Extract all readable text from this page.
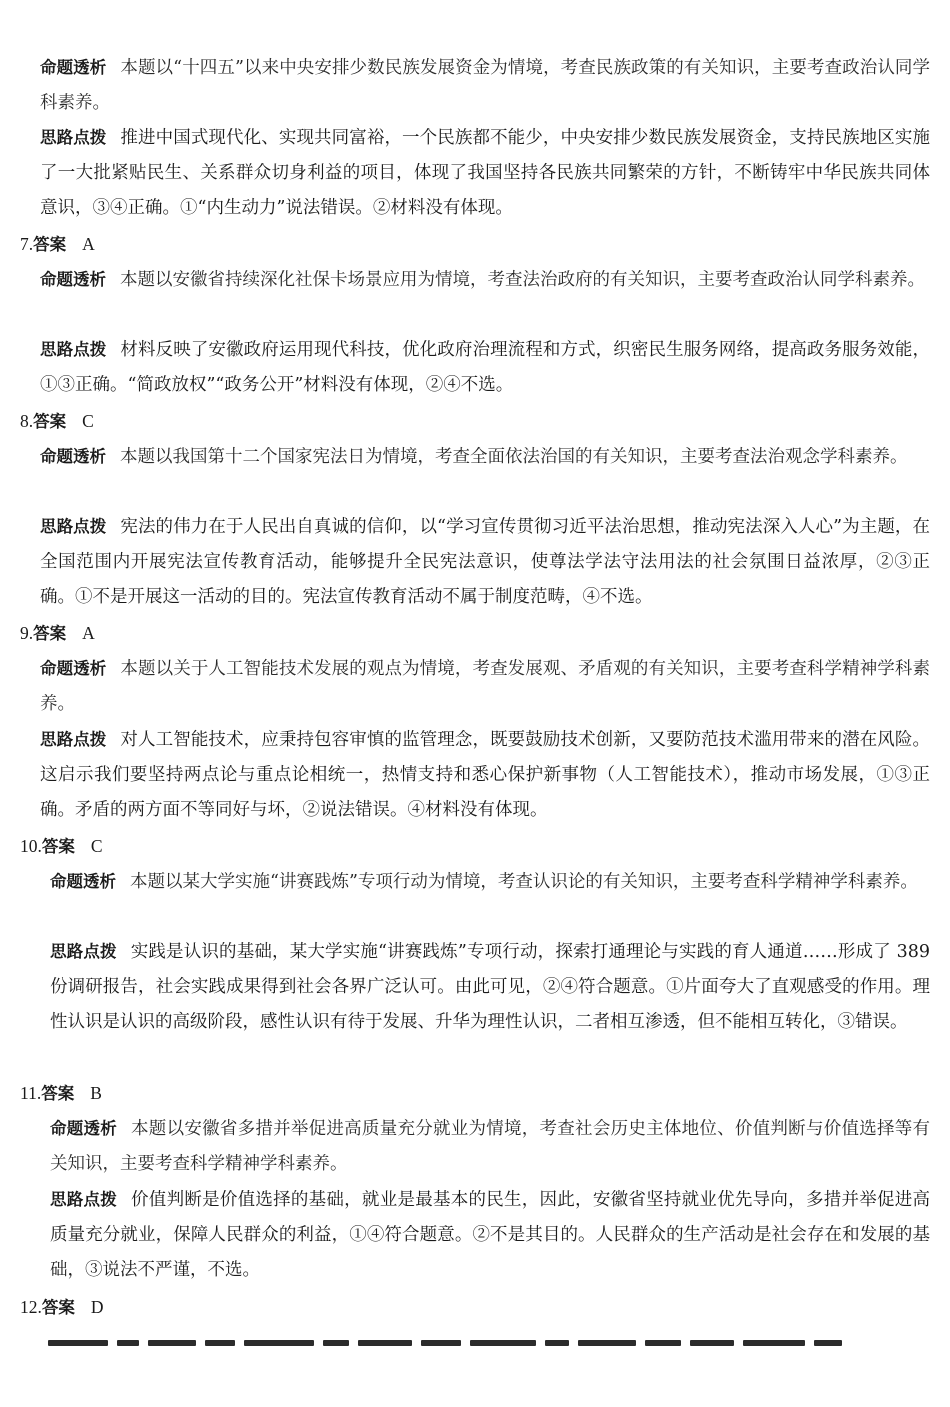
命题透析 本题以“十四五”以来中央安排少数民族发展资金为情境，考查民族政策的有关知识，主要考查政治认同学科素养。
思路点拨 推进中国式现代化、实现共同富裕，一个民族都不能少，中央安排少数民族发展资金，支持民族地区实施了一大批紧贴民生、关系群众切身利益的项目，体现了我国坚持各民族共同繁荣的方针，不断铸牢中华民族共同体意识，③④正确。①“内生动力”说法错误。②材料没有体现。
7.答案 A
命题透析 本题以安徽省持续深化社保卡场景应用为情境，考查法治政府的有关知识，主要考查政治认同学科素养。
思路点拨 材料反映了安徽政府运用现代科技，优化政府治理流程和方式，织密民生服务网络，提高政务服务效能，①③正确。“简政放权”“政务公开”材料没有体现，②④不选。
8.答案 C
命题透析 本题以我国第十二个国家宪法日为情境，考查全面依法治国的有关知识，主要考查法治观念学科素养。
思路点拨 宪法的伟力在于人民出自真诚的信仰，以“学习宣传贯彻习近平法治思想，推动宪法深入人心”为主题，在全国范围内开展宪法宣传教育活动，能够提升全民宪法意识，使尊法学法守法用法的社会氛围日益浓厚，②③正确。①不是开展这一活动的目的。宪法宣传教育活动不属于制度范畴，④不选。
9.答案 A
命题透析 本题以关于人工智能技术发展的观点为情境，考查发展观、矛盾观的有关知识，主要考查科学精神学科素养。
思路点拨 对人工智能技术，应秉持包容审慎的监管理念，既要鼓励技术创新，又要防范技术滥用带来的潜在风险。这启示我们要坚持两点论与重点论相统一，热情支持和悉心保护新事物（人工智能技术），推动市场发展，①③正确。矛盾的两方面不等同好与坏，②说法错误。④材料没有体现。
10.答案 C
命题透析 本题以某大学实施“讲赛践炼”专项行动为情境，考查认识论的有关知识，主要考查科学精神学科素养。
思路点拨 实践是认识的基础，某大学实施“讲赛践炼”专项行动，探索打通理论与实践的育人通道……形成了 389 份调研报告，社会实践成果得到社会各界广泛认可。由此可见，②④符合题意。①片面夸大了直观感受的作用。理性认识是认识的高级阶段，感性认识有待于发展、升华为理性认识，二者相互渗透，但不能相互转化，③错误。
11.答案 B
命题透析 本题以安徽省多措并举促进高质量充分就业为情境，考查社会历史主体地位、价值判断与价值选择等有关知识，主要考查科学精神学科素养。
思路点拨 价值判断是价值选择的基础，就业是最基本的民生，因此，安徽省坚持就业优先导向，多措并举促进高质量充分就业，保障人民群众的利益，①④符合题意。②不是其目的。人民群众的生产活动是社会存在和发展的基础，③说法不严谨，不选。
12.答案 D
